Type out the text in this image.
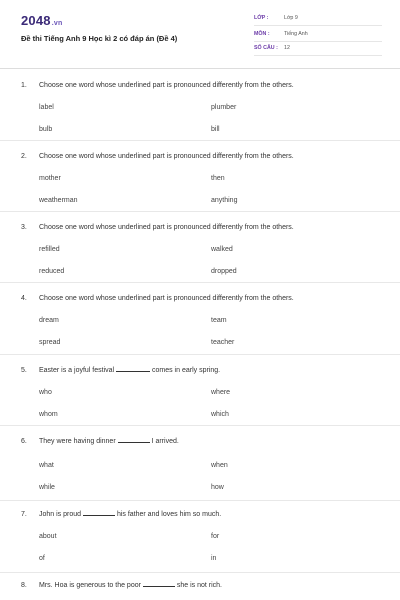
2048.vn
Đề thi Tiếng Anh 9 Học kì 2 có đáp án (Đề 4)
LỚP :	Lớp 9
MÔN :	Tiếng Anh
SỐ CÂU : 12
1. Choose one word whose underlined part is pronounced differently from the others.
label	plumber
bulb	bill
2. Choose one word whose underlined part is pronounced differently from the others.
mother	then
weatherman	anything
3. Choose one word whose underlined part is pronounced differently from the others.
refilled	walked
reduced	dropped
4. Choose one word whose underlined part is pronounced differently from the others.
dream	team
spread	teacher
5. Easter is a joyful festival	comes in early spring.
who	where
whom	which
6. They were having dinner	I arrived.
what	when
while	how
7. John is proud	his father and loves him so much.
about	for
of	in
8. Mrs. Hoa is generous to the poor	she is not rich.
